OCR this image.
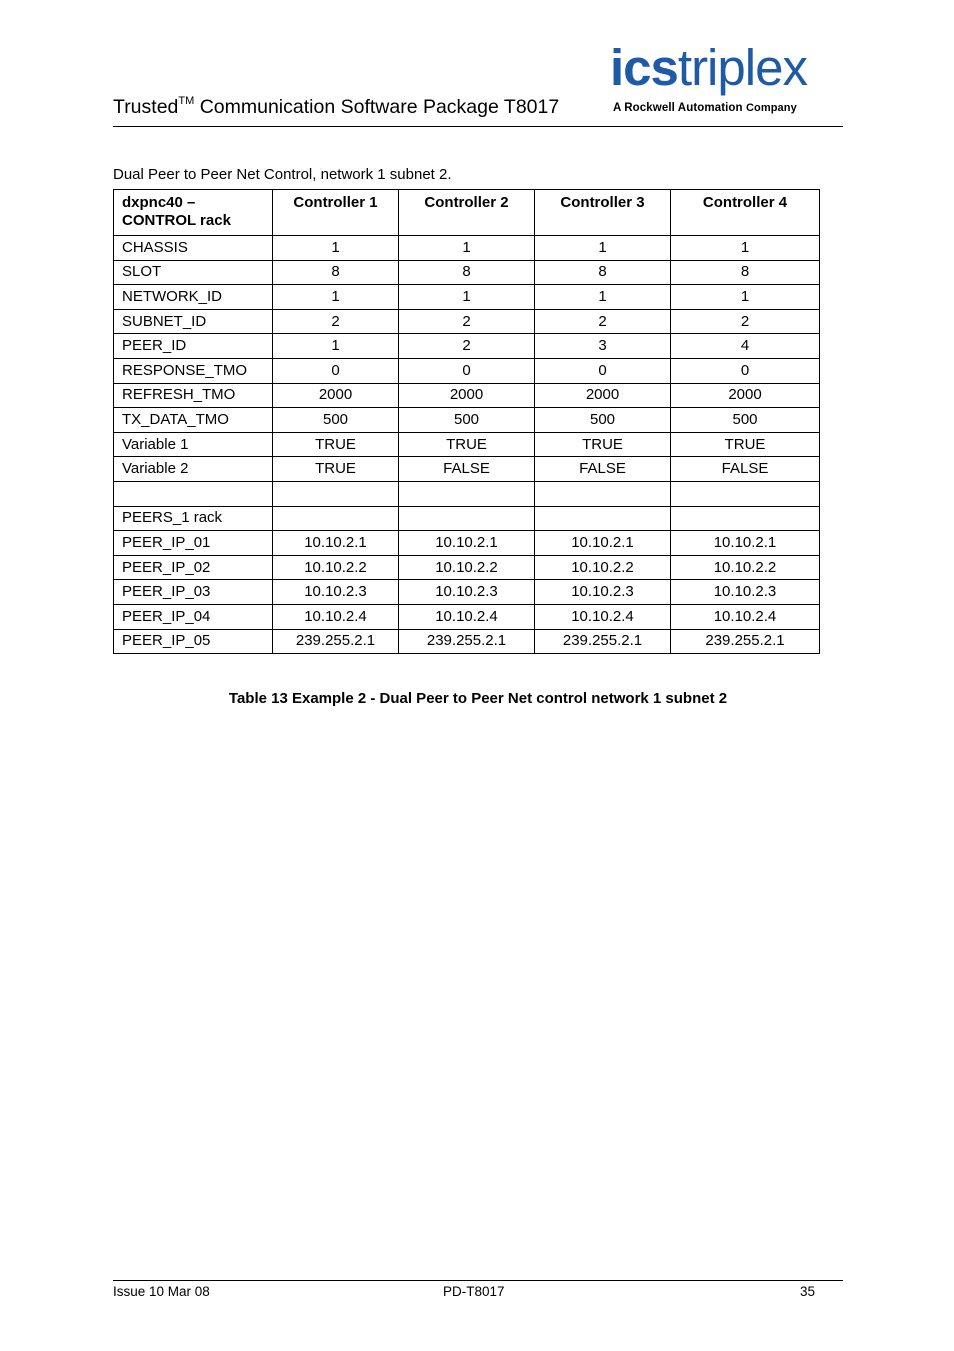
Trusted™ Communication Software Package T8017
icstriplex
A Rockwell Automation Company
Dual Peer to Peer Net Control, network 1 subnet 2.
dxpnc40 – CONTROL rack	Controller 1	Controller 2	Controller 3	Controller 4
CHASSIS	1	1	1	1
SLOT	8	8	8	8
NETWORK_ID	1	1	1	1
SUBNET_ID	2	2	2	2
PEER_ID	1	2	3	4
RESPONSE_TMO	0	0	0	0
REFRESH_TMO	2000	2000	2000	2000
TX_DATA_TMO	500	500	500	500
Variable 1	TRUE	TRUE	TRUE	TRUE
Variable 2	TRUE	FALSE	FALSE	FALSE

PEERS_1 rack				
PEER_IP_01	10.10.2.1	10.10.2.1	10.10.2.1	10.10.2.1
PEER_IP_02	10.10.2.2	10.10.2.2	10.10.2.2	10.10.2.2
PEER_IP_03	10.10.2.3	10.10.2.3	10.10.2.3	10.10.2.3
PEER_IP_04	10.10.2.4	10.10.2.4	10.10.2.4	10.10.2.4
PEER_IP_05	239.255.2.1	239.255.2.1	239.255.2.1	239.255.2.1
Table 13 Example 2 - Dual Peer to Peer Net control network 1 subnet 2
Issue 10 Mar 08	PD-T8017	35
